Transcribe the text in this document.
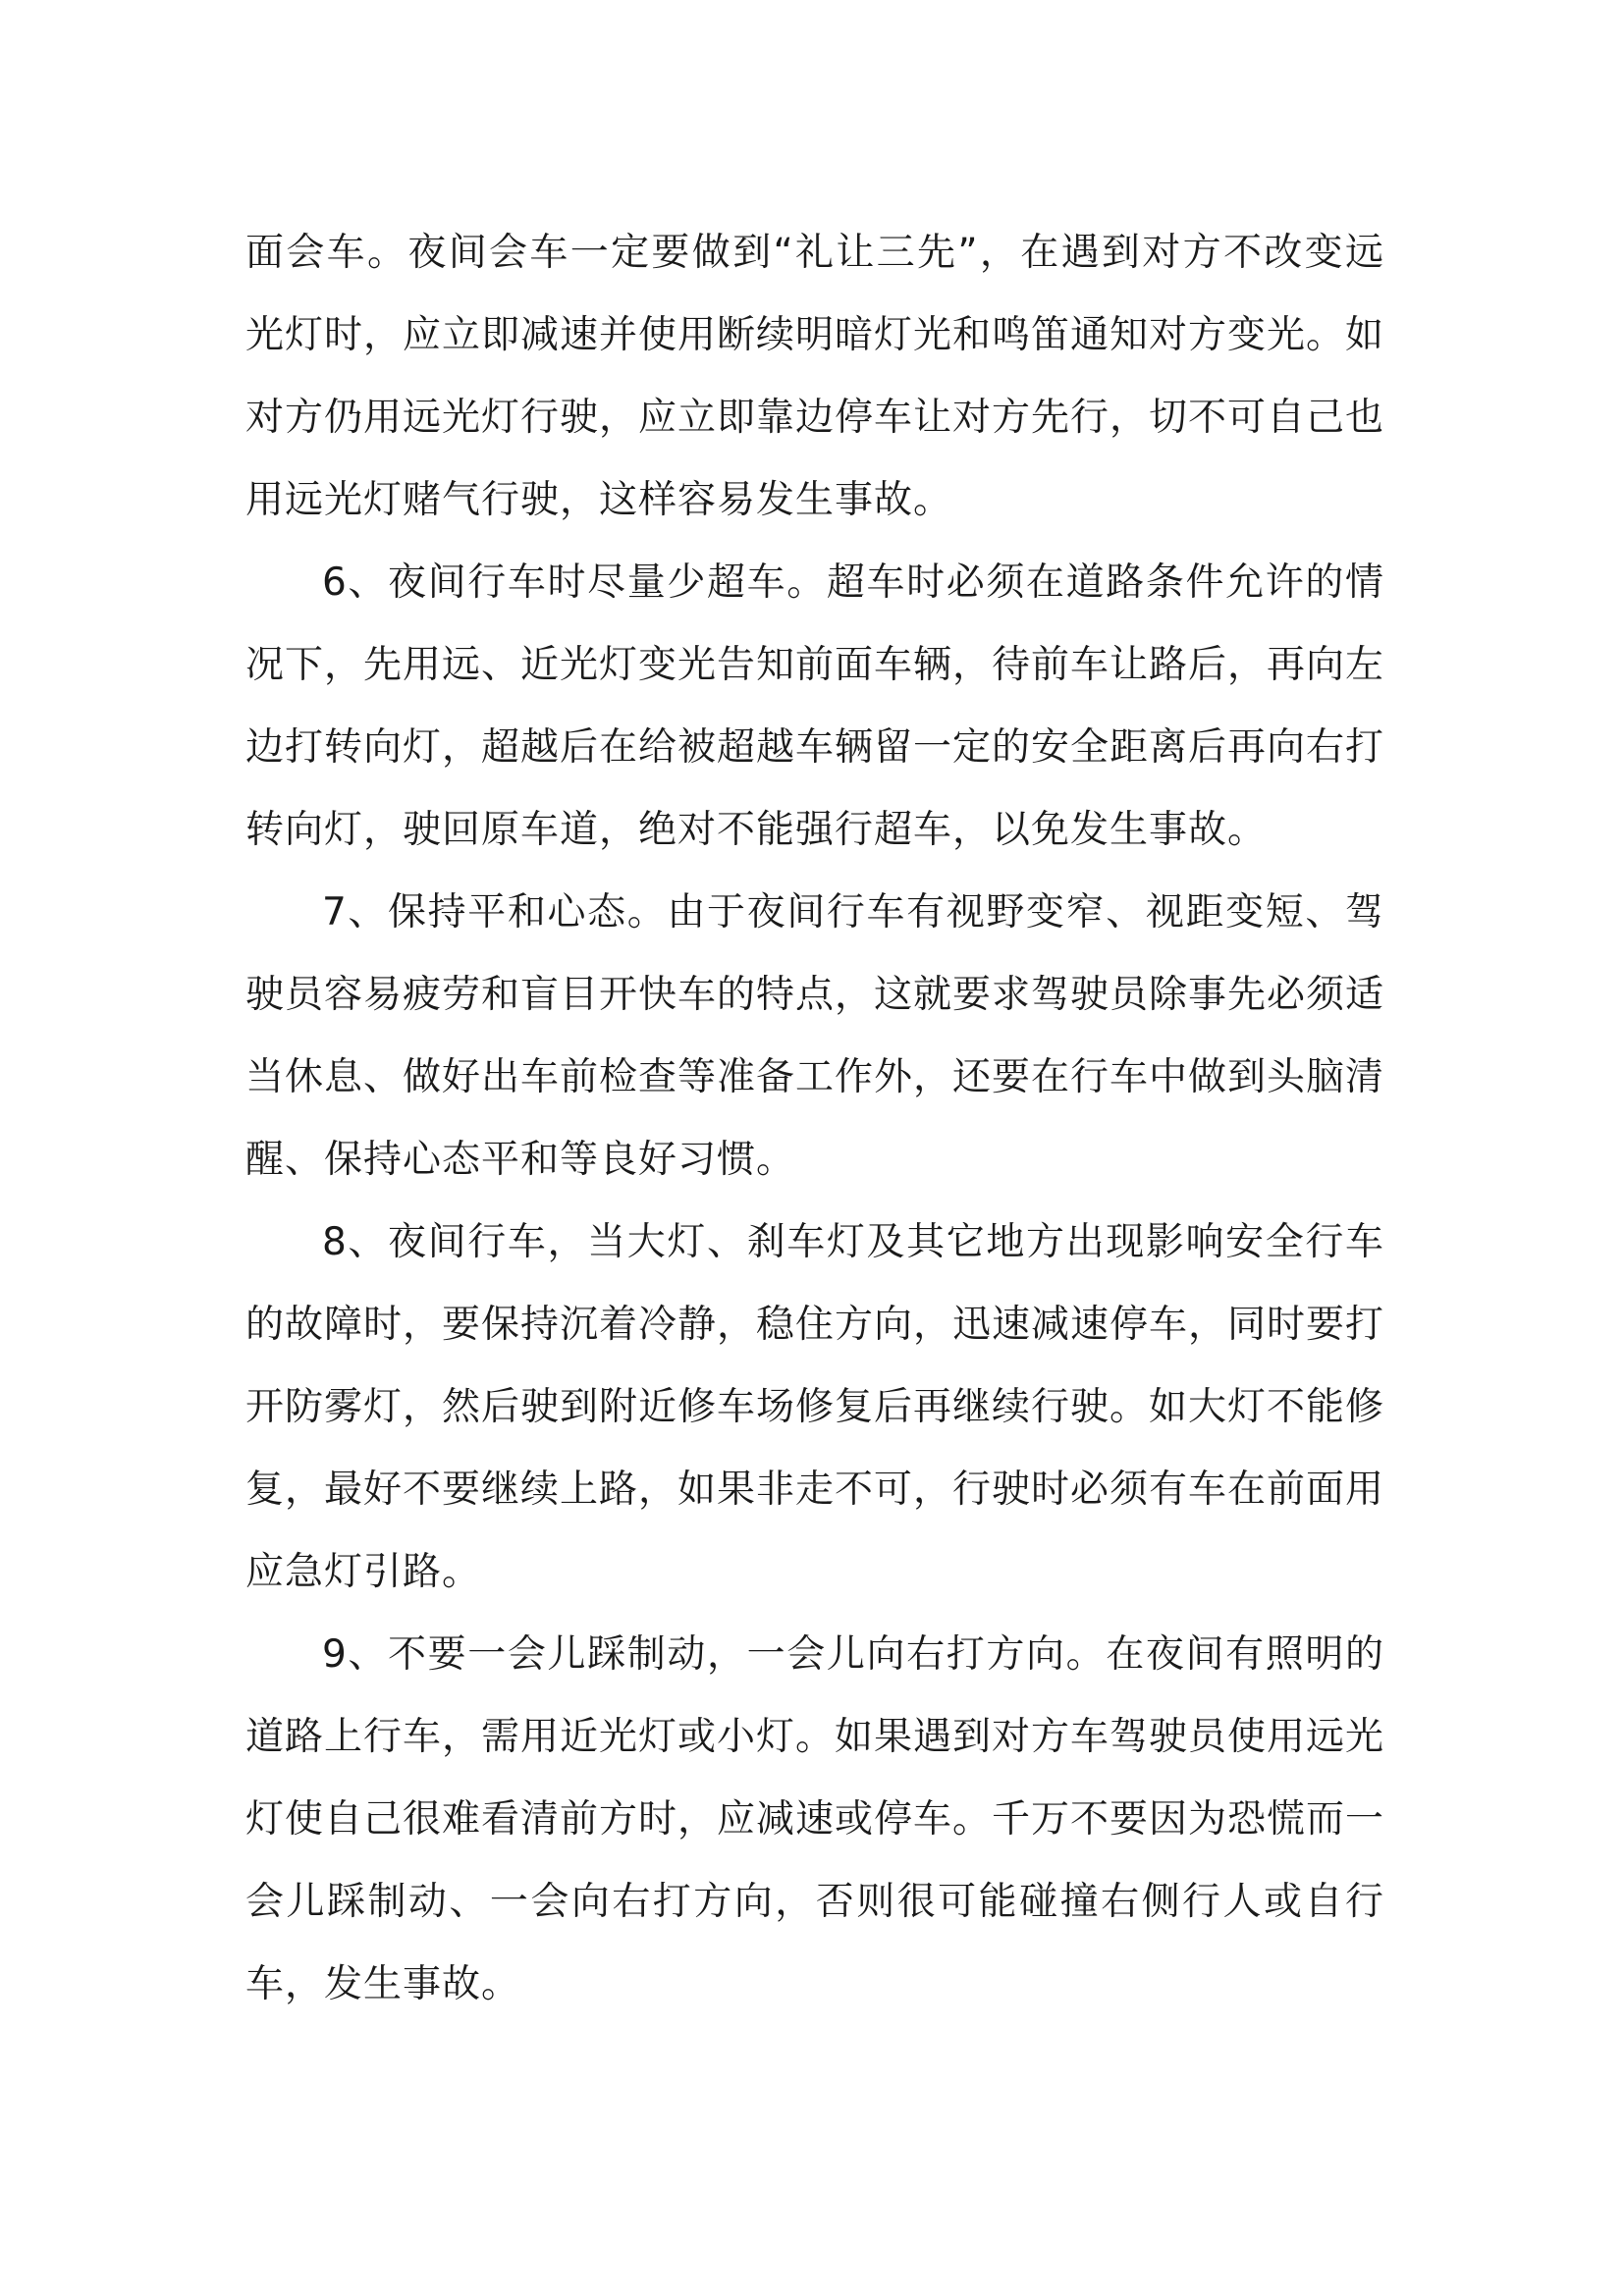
面会车。夜间会车一定要做到“礼让三先”，在遇到对方不改变远光灯时，应立即减速并使用断续明暗灯光和鸣笛通知对方变光。如对方仍用远光灯行驶，应立即靠边停车让对方先行，切不可自己也用远光灯赌气行驶，这样容易发生事故。

6、夜间行车时尽量少超车。超车时必须在道路条件允许的情况下，先用远、近光灯变光告知前面车辆，待前车让路后，再向左边打转向灯，超越后在给被超越车辆留一定的安全距离后再向右打转向灯，驶回原车道，绝对不能强行超车，以免发生事故。

7、保持平和心态。由于夜间行车有视野变窄、视距变短、驾驶员容易疲劳和盲目开快车的特点，这就要求驾驶员除事先必须适当休息、做好出车前检查等准备工作外，还要在行车中做到头脑清醒、保持心态平和等良好习惯。

8、夜间行车，当大灯、刹车灯及其它地方出现影响安全行车的故障时，要保持沉着冷静，稳住方向，迅速减速停车，同时要打开防雾灯，然后驶到附近修车场修复后再继续行驶。如大灯不能修复，最好不要继续上路，如果非走不可，行驶时必须有车在前面用应急灯引路。

9、不要一会儿踩制动，一会儿向右打方向。在夜间有照明的道路上行车，需用近光灯或小灯。如果遇到对方车驾驶员使用远光灯使自己很难看清前方时，应减速或停车。千万不要因为恐慌而一会儿踩制动、一会向右打方向，否则很可能碰撞右侧行人或自行车，发生事故。
